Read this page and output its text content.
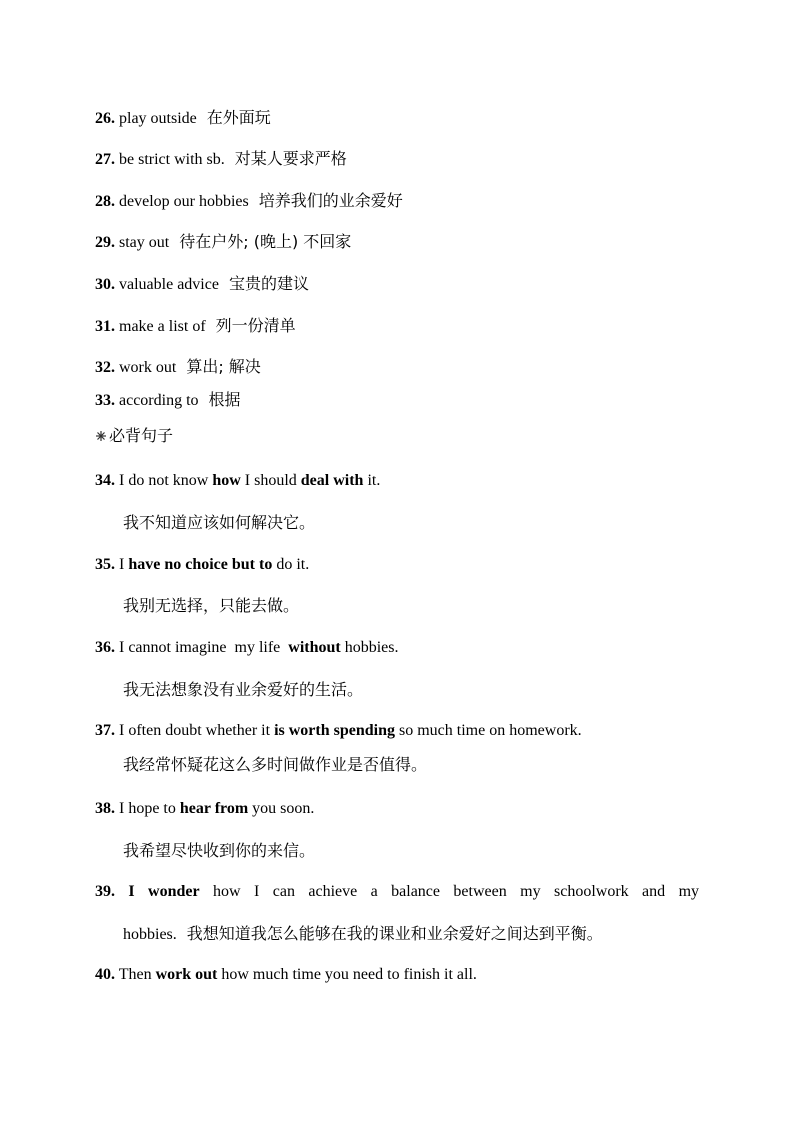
26. play outside 在外面玩
27. be strict with sb. 对某人要求严格
28. develop our hobbies 培养我们的业余爱好
29. stay out 待在户外; (晚上) 不回家
30. valuable advice 宝贵的建议
31. make a list of 列一份清单
32. work out 算出; 解决
33. according to 根据
必背句子
34. I do not know how I should deal with it.
我不知道应该如何解决它。
35. I have no choice but to do it.
我别无选择，只能去做。
36. I cannot imagine  my life  without hobbies.
我无法想象没有业余爱好的生活。
37. I often doubt whether it is worth spending so much time on homework.
我经常怀疑花这么多时间做作业是否值得。
38. I hope to hear from you soon.
我希望尽快收到你的来信。
39. I wonder how I can achieve a balance between my schoolwork and my
hobbies. 我想知道我怎么能够在我的课业和业余爱好之间达到平衡。
40. Then work out how much time you need to finish it all.
